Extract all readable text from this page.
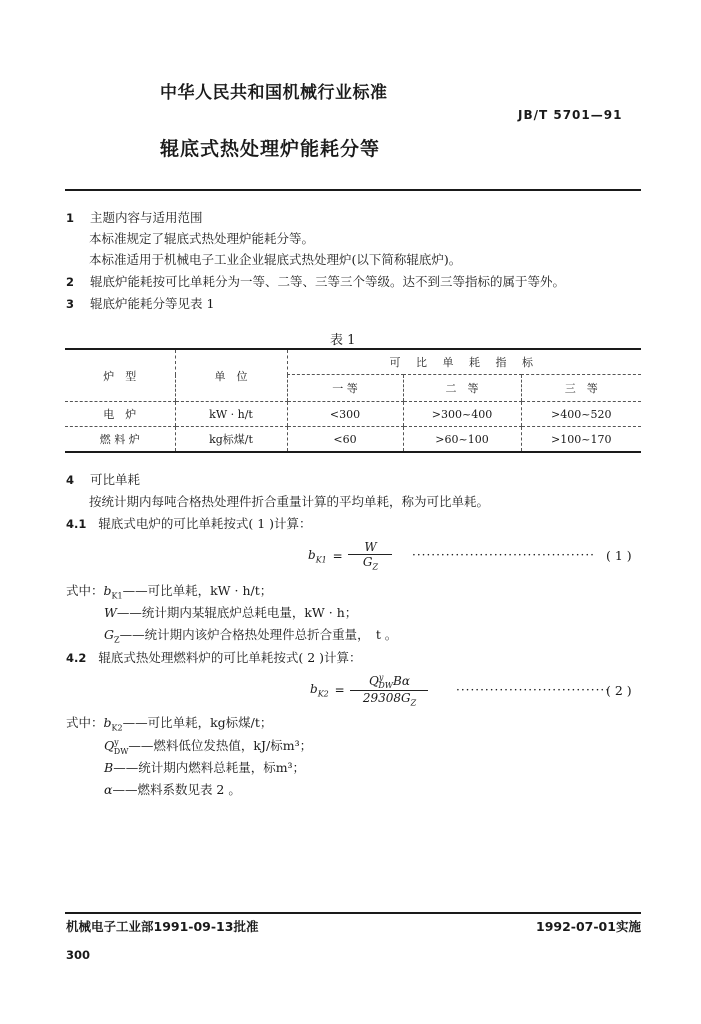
中华人民共和国机械行业标准
JB/T 5701—91
辊底式热处理炉能耗分等
1 主题内容与适用范围
本标准规定了辊底式热处理炉能耗分等。
本标准适用于机械电子工业企业辊底式热处理炉(以下简称辊底炉)。
2 辊底炉能耗按可比单耗分为一等、二等、三等三个等级。达不到三等指标的属于等外。
3 辊底炉能耗分等见表 1
表 1
炉　型	单　位	可 比 单 耗 指 标		
		一 等	二　等	三　等
电　炉	kW · h/t	<300	>300~400	>400~520
燃 料 炉	kg标煤/t	<60	>60~100	>100~170
4 可比单耗
按统计期内每吨合格热处理件折合重量计算的平均单耗，称为可比单耗。
4.1 辊底式电炉的可比单耗按式( 1 )计算：
$b_{K1} = \frac{W}{G_Z}$ ······································ ( 1 )
式中：$b_{K1}——$可比单耗，kW · h/t；
W——统计期内某辊底炉总耗电量，kW · h；
$G_Z——$统计期内该炉合格热处理件总折合重量，　t 。
4.2 辊底式热处理燃料炉的可比单耗按式( 2 )计算：
$b_{K2} = \frac{Q^y_{DW}B\alpha}{29308G_Z}$ ································
( 2 )
式中：$b_{K2}——$可比单耗，kg标煤/t；
$Q^y_{DW}——$燃料低位发热值，kJ/标m³；
B——统计期内燃料总耗量，标m³；
α——燃料系数见表 2 。
机械电子工业部1991-09-13批准	1992-07-01实施
300
